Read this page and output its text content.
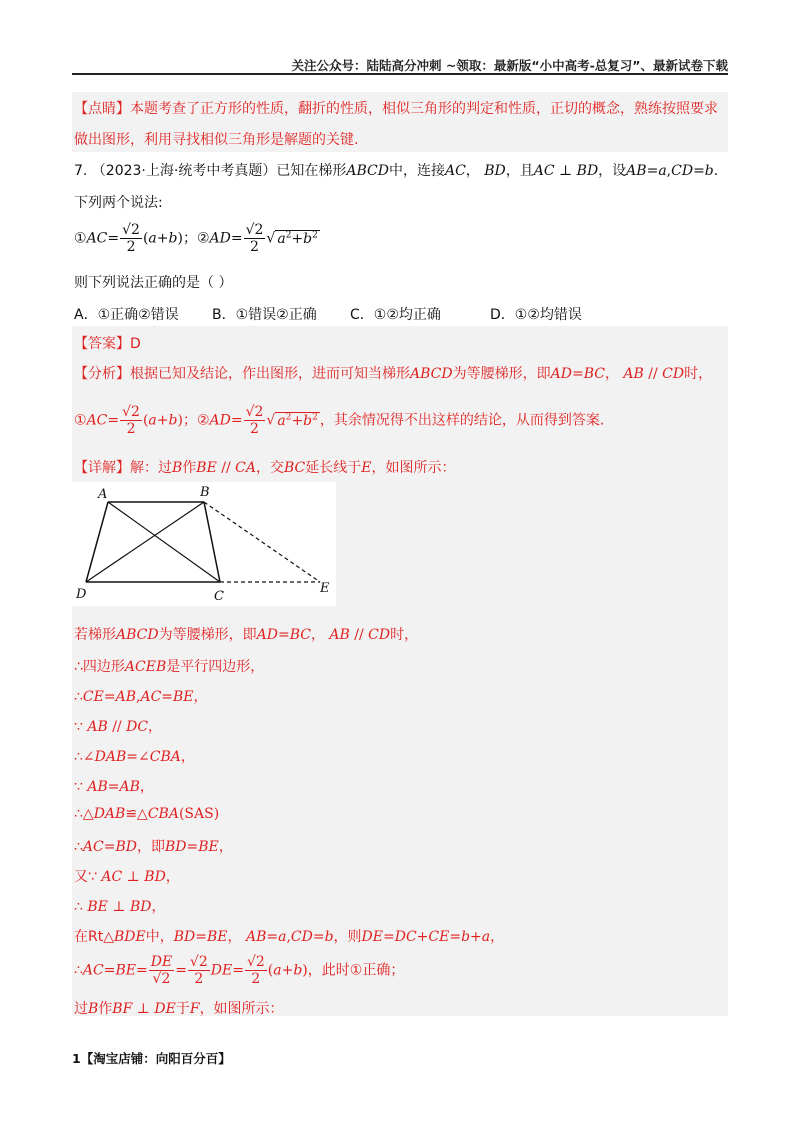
关注公众号：陆陆高分冲刺 ~领取：最新版“小中高考-总复习”、最新试卷下载
【点睛】本题考查了正方形的性质，翻折的性质，相似三角形的判定和性质，正切的概念，熟练按照要求
做出图形，利用寻找相似三角形是解题的关键.
7. （2023·上海·统考中考真题）已知在梯形ABCD中，连接AC， BD，且AC ⊥ BD，设AB=a,CD=b.
下列两个说法:
①AC= $\frac{√2}{2} (a+b)$；②AD= $\frac{√2}{2}$ √ $a^2+b^2$
则下列说法正确的是（ ）
A．①正确②错误 B．①错误②正确 C．①②均正确	D．①②均错误
【答案】D
【分析】根据已知及结论，作出图形，进而可知当梯形ABCD为等腰梯形，即AD=BC， AB // CD时，
①AC= $\frac{√2}{2} (a+b)$；②AD= $\frac{√2}{2}$ √ $a^2+b^2$ ，其余情况得不出这样的结论，从而得到答案.
【详解】解：过B作BE // CA，交BC延长线于E，如图所示：
A	B
C
D	E
若梯形ABCD为等腰梯形，即AD=BC， AB // CD时，
∴四边形ACEB是平行四边形，
∴CE=AB,AC=BE，
∵ AB // DC，
∴∠DAB=∠CBA，
∵ AB=AB，
∴△DAB≌△CBA(SAS)
∴AC=BD，即BD=BE，
又∵ AC ⊥ BD，
∴ BE ⊥ BD，
在Rt△BDE中，BD=BE， AB=a,CD=b，则DE=DC+CE=b+a，
∴AC=BE= $\frac{DE}{√2} = \frac{√2}{2} DE= \frac{√2}{2} (a+b)$，此时①正确；
过B作BF ⊥ DE于F，如图所示：
1【淘宝店铺：向阳百分百】
